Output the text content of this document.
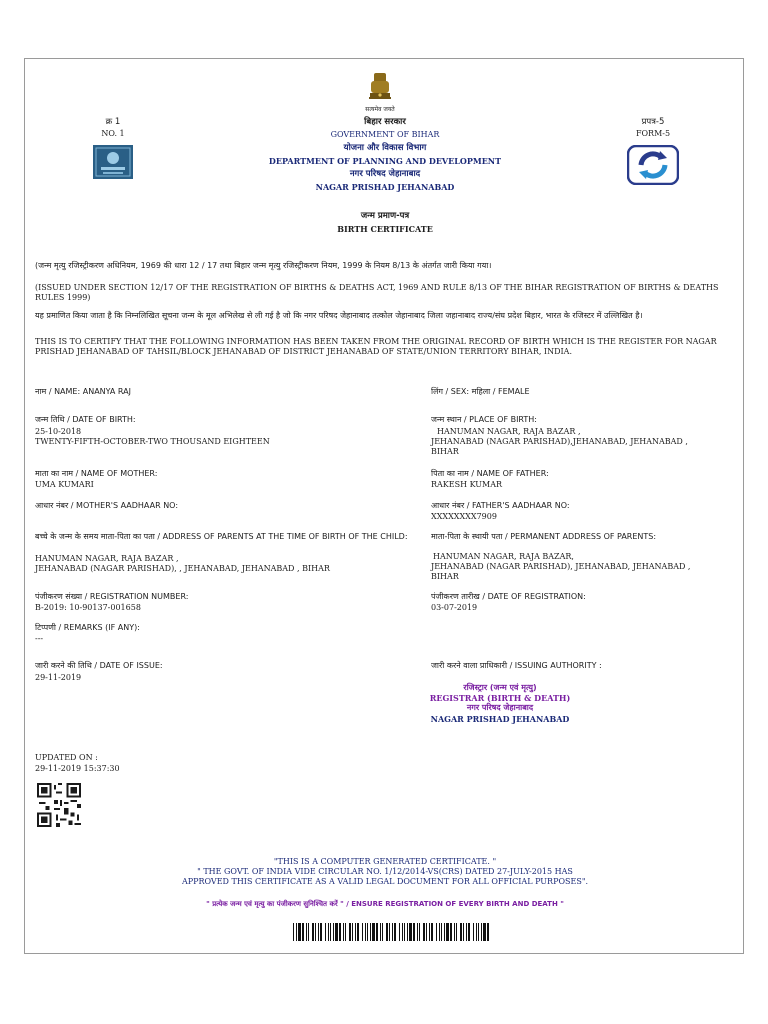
सत्यमेव जयते
क्र 1
NO. 1
प्रपत्र-5
FORM-5
बिहार सरकार
GOVERNMENT OF BIHAR
योजना और विकास विभाग
DEPARTMENT OF PLANNING AND DEVELOPMENT
नगर परिषद जेहानाबाद
NAGAR PRISHAD JEHANABAD
जन्म प्रमाण-पत्र
BIRTH CERTIFICATE
(जन्म मृत्यु रजिस्ट्रीकरण अधिनियम, 1969 की धारा 12 / 17 तथा बिहार जन्म मृत्यु रजिस्ट्रीकरण नियम, 1999 के नियम 8/13 के अंतर्गत जारी किया गया।
(ISSUED UNDER SECTION 12/17 OF THE REGISTRATION OF BIRTHS & DEATHS ACT, 1969 AND RULE 8/13 OF THE BIHAR REGISTRATION OF BIRTHS & DEATHS RULES 1999)
यह प्रमाणित किया जाता है कि निम्नलिखित सूचना जन्म के मूल अभिलेख से ली गई है जो कि नगर परिषद जेहानाबाद तत्कोल जेहानाबाद जिला जहानाबाद राज्य/संघ प्रदेश बिहार, भारत के रजिस्टर में उल्लिखित है।
THIS IS TO CERTIFY THAT THE FOLLOWING INFORMATION HAS BEEN TAKEN FROM THE ORIGINAL RECORD OF BIRTH WHICH IS THE REGISTER FOR NAGAR PRISHAD JEHANABAD OF TAHSIL/BLOCK JEHANABAD OF DISTRICT JEHANABAD OF STATE/UNION TERRITORY BIHAR, INDIA.
नाम / NAME: ANANYA RAJ	लिंग / SEX: महिला / FEMALE
जन्म तिथि / DATE OF BIRTH:
25-10-2018
TWENTY-FIFTH-OCTOBER-TWO THOUSAND EIGHTEEN
जन्म स्थान / PLACE OF BIRTH:
HANUMAN NAGAR, RAJA BAZAR ,
JEHANABAD (NAGAR PARISHAD),JEHANABAD, JEHANABAD ,
BIHAR
माता का नाम / NAME OF MOTHER:
UMA KUMARI
पिता का नाम / NAME OF FATHER:
RAKESH KUMAR
आधार नंबर / MOTHER'S AADHAAR NO:	आधार नंबर / FATHER'S AADHAAR NO:
XXXXXXXX7909
बच्चे के जन्म के समय माता-पिता का पता / ADDRESS OF PARENTS AT THE TIME OF BIRTH OF THE CHILD:
HANUMAN NAGAR, RAJA BAZAR ,
JEHANABAD (NAGAR PARISHAD), , JEHANABAD, JEHANABAD , BIHAR
माता-पिता के स्थायी पता / PERMANENT ADDRESS OF PARENTS:
HANUMAN NAGAR, RAJA BAZAR,
JEHANABAD (NAGAR PARISHAD), JEHANABAD, JEHANABAD ,
BIHAR
पंजीकरण संख्या / REGISTRATION NUMBER:
B-2019: 10-90137-001658
पंजीकरण तारीख / DATE OF REGISTRATION:
03-07-2019
टिप्पणी / REMARKS (IF ANY):
---
जारी करने की तिथि / DATE OF ISSUE:
29-11-2019
जारी करने वाला प्राधिकारी / ISSUING AUTHORITY :
रजिस्ट्रार (जन्म एवं मृत्यु)
REGISTRAR (BIRTH & DEATH)
नगर परिषद जेहानाबाद
NAGAR PRISHAD JEHANABAD
UPDATED ON :
29-11-2019 15:37:30
"THIS IS A COMPUTER GENERATED CERTIFICATE. "
" THE GOVT. OF INDIA VIDE CIRCULAR NO. 1/12/2014-VS(CRS) DATED 27-JULY-2015 HAS
APPROVED THIS CERTIFICATE AS A VALID LEGAL DOCUMENT FOR ALL OFFICIAL PURPOSES".
" प्रत्येक जन्म एवं मृत्यु का पंजीकरण सुनिश्चित करें " / ENSURE REGISTRATION OF EVERY BIRTH AND DEATH "
